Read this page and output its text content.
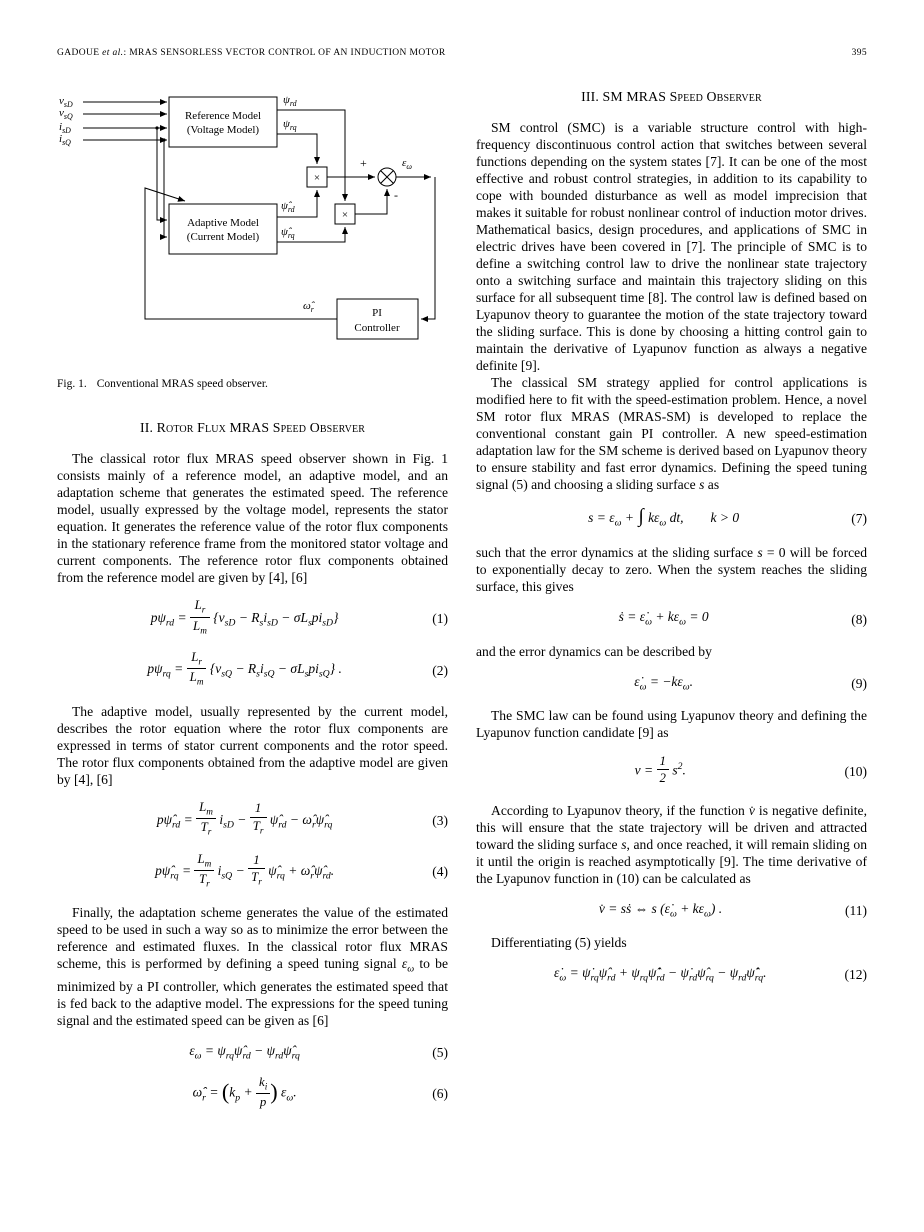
GADOUE et al.: MRAS SENSORLESS VECTOR CONTROL OF AN INDUCTION MOTOR	395
Reference Model
(Voltage Model)
Adaptive Model
(Current Model)
PI
Controller
×
×
$v_{sD}$
$v_{sQ}$
$i_{sD}$
$i_{sQ}$
$\psi_{rd}$
$\psi_{rq}$
$\psî_{rd}$
$\psî_{rq}$
+
-
$\varepsilon_\omega$
$\omegâ_r$
Fig. 1. Conventional MRAS speed observer.
II. Rotor Flux MRAS Speed Observer

The classical rotor flux MRAS speed observer shown in Fig. 1 consists mainly of a reference model, an adaptive model, and an adaptation scheme that generates the estimated speed. The reference model, usually expressed by the voltage model, represents the stator equation. It generates the reference value of the rotor flux components in the stationary reference frame from the monitored stator voltage and current components. The reference rotor flux components obtained from the reference model are given by [4], [6]

$p\psi_{rd} = \frac{L_r}{L_m} \{v_{sD} - R_si_{sD} - \sigma L_spi_{sD}\}$	(1)
$p\psi_{rq} = \frac{L_r}{L_m} \{v_{sQ} - R_si_{sQ} - \sigma L_spi_{sQ}\}$ .	(2)

The adaptive model, usually represented by the current model, describes the rotor equation where the rotor flux components are expressed in terms of stator current components and the rotor speed. The rotor flux components obtained from the adaptive model are given by [4], [6]

$p\psî_{rd} = \frac{L_m}{T_r} i_{sD} - \frac{1}{T_r}$ $\psî_{rd}$ − $\omegâ_r\psî_{rq}$	(3)
$p\psî_{rq} = \frac{L_m}{T_r} i_{sQ} - \frac{1}{T_r}$ $\psî_{rq}$ + $\omegâ_r\psî_{rd}$.	(4)

Finally, the adaptation scheme generates the value of the estimated speed to be used in such a way so as to minimize the error between the reference and estimated fluxes. In the classical rotor flux MRAS scheme, this is performed by defining a speed tuning signal $\varepsilon_\omega$ to be minimized by a PI controller, which generates the estimated speed that is fed back to the adaptive model. The expressions for the speed tuning signal and the estimated speed can be given as [6]

$\varepsilon_\omega$ = $\psi_{rq}\psî_{rd}$ − $\psi_{rd}\psî_{rq}$	(5)
$\omegâ_r = (k_p + \frac{k_i}{p}$ ) $\varepsilon_\omega$.	(6)
III. SM MRAS Speed Observer

SM control (SMC) is a variable structure control with high-frequency discontinuous control action that switches between several functions depending on the system states [7]. It can be one of the most effective and robust control strategies, in addition to its capability to cope with bounded disturbance as well as model imprecision that makes it suitable for robust nonlinear control of induction motor drives. Mathematical basics, design procedures, and applications of SMC in electric drives have been covered in [7]. The principle of SMC is to define a switching control law to drive the nonlinear state trajectory onto a switching surface and maintain this trajectory sliding on this surface for all subsequent time [8]. The control law is defined based on Lyapunov theory to guarantee the motion of the state trajectory toward the sliding surface. This is done by choosing a hitting control gain to maintain the derivative of Lyapunov function as always a negative definite [9].

The classical SM strategy applied for control applications is modified here to fit with the speed-estimation problem. Hence, a novel SM rotor flux MRAS (MRAS-SM) is developed to replace the conventional constant gain PI controller. A new speed-estimation adaptation law for the SM scheme is derived based on Lyapunov theory to ensure stability and fast error dynamics. Defining the speed tuning signal (5) and choosing a sliding surface s as

$s = \varepsilon_\omega$ + ∫ $k\varepsilon_\omega$ dt,  k > 0	(7)

such that the error dynamics at the sliding surface s = 0 will be forced to exponentially decay to zero. When the system reaches the sliding surface, this gives

ṡ = $\varepsiloṅ_\omega + k\varepsilon_\omega = 0$	(8)

and the error dynamics can be described by

$\varepsiloṅ_\omega = -k\varepsilon_\omega$.	(9)

The SMC law can be found using Lyapunov theory and defining the Lyapunov function candidate [9] as

$v = \frac{1}{2} s^2$.	(10)

According to Lyapunov theory, if the function v̇ is negative definite, this will ensure that the state trajectory will be driven and attracted toward the sliding surface s, and once reached, it will remain sliding on it until the origin is reached asymptotically [9]. The time derivative of the Lyapunov function in (10) can be calculated as

v̇ = sṡ ⇔ s $(\varepsiloṅ_\omega + k\varepsilon_\omega)$ .	(11)

Differentiating (5) yields

$\varepsiloṅ_\omega$ = $\psi̇_{rq}\psî_{rd}$ + $\psi_{rq}\psî̇_{rd}$ − $\psi̇_{rd}\psî_{rq}$ − $\psi_{rd}\psî̇_{rq}$.	(12)
